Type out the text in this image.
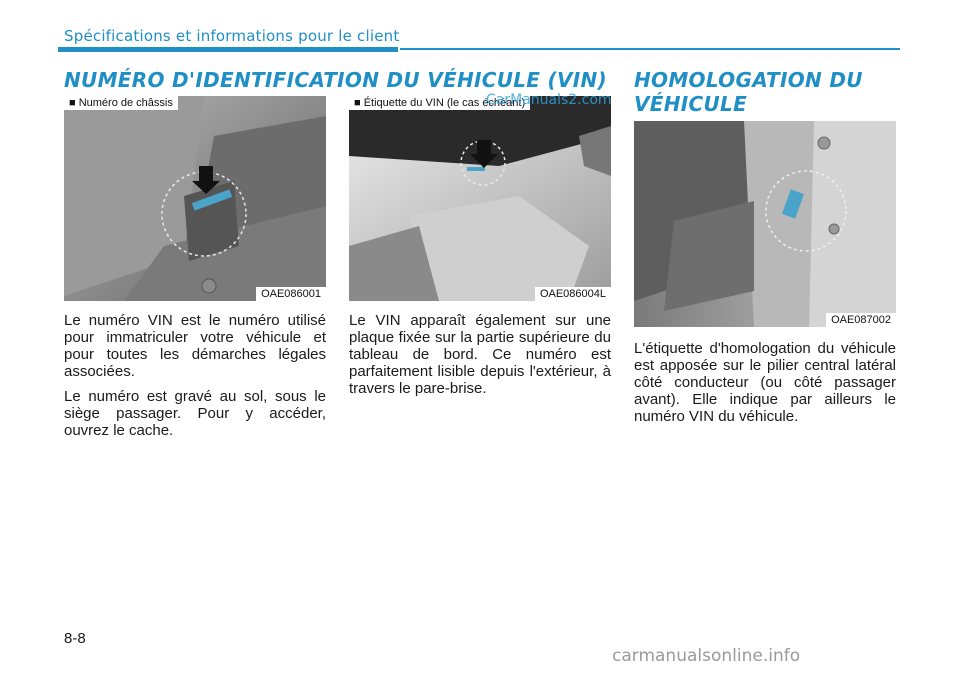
Spécifications et informations pour le client
NUMÉRO D'IDENTIFICATION DU VÉHICULE (VIN) HOMOLOGATION DU
VÉHICULE
■ Numéro de châssis
OAE086001
■ Étiquette du VIN (le cas échéant)
OAE086004L
OAE087002
CarManuals2.com

Le numéro VIN est le numéro utilisé pour immatriculer votre véhicule et pour toutes les démarches légales associées.

Le numéro est gravé au sol, sous le siège passager. Pour y accéder, ouvrez le cache.

Le VIN apparaît également sur une plaque fixée sur la partie supérieure du tableau de bord. Ce numéro est parfaitement lisible depuis l'extérieur, à travers le pare-brise.

L'étiquette d'homologation du véhicule est apposée sur le pilier central latéral côté conducteur (ou côté passager avant). Elle indique par ailleurs le numéro VIN du véhicule.

8-8
carmanualsonline.info
